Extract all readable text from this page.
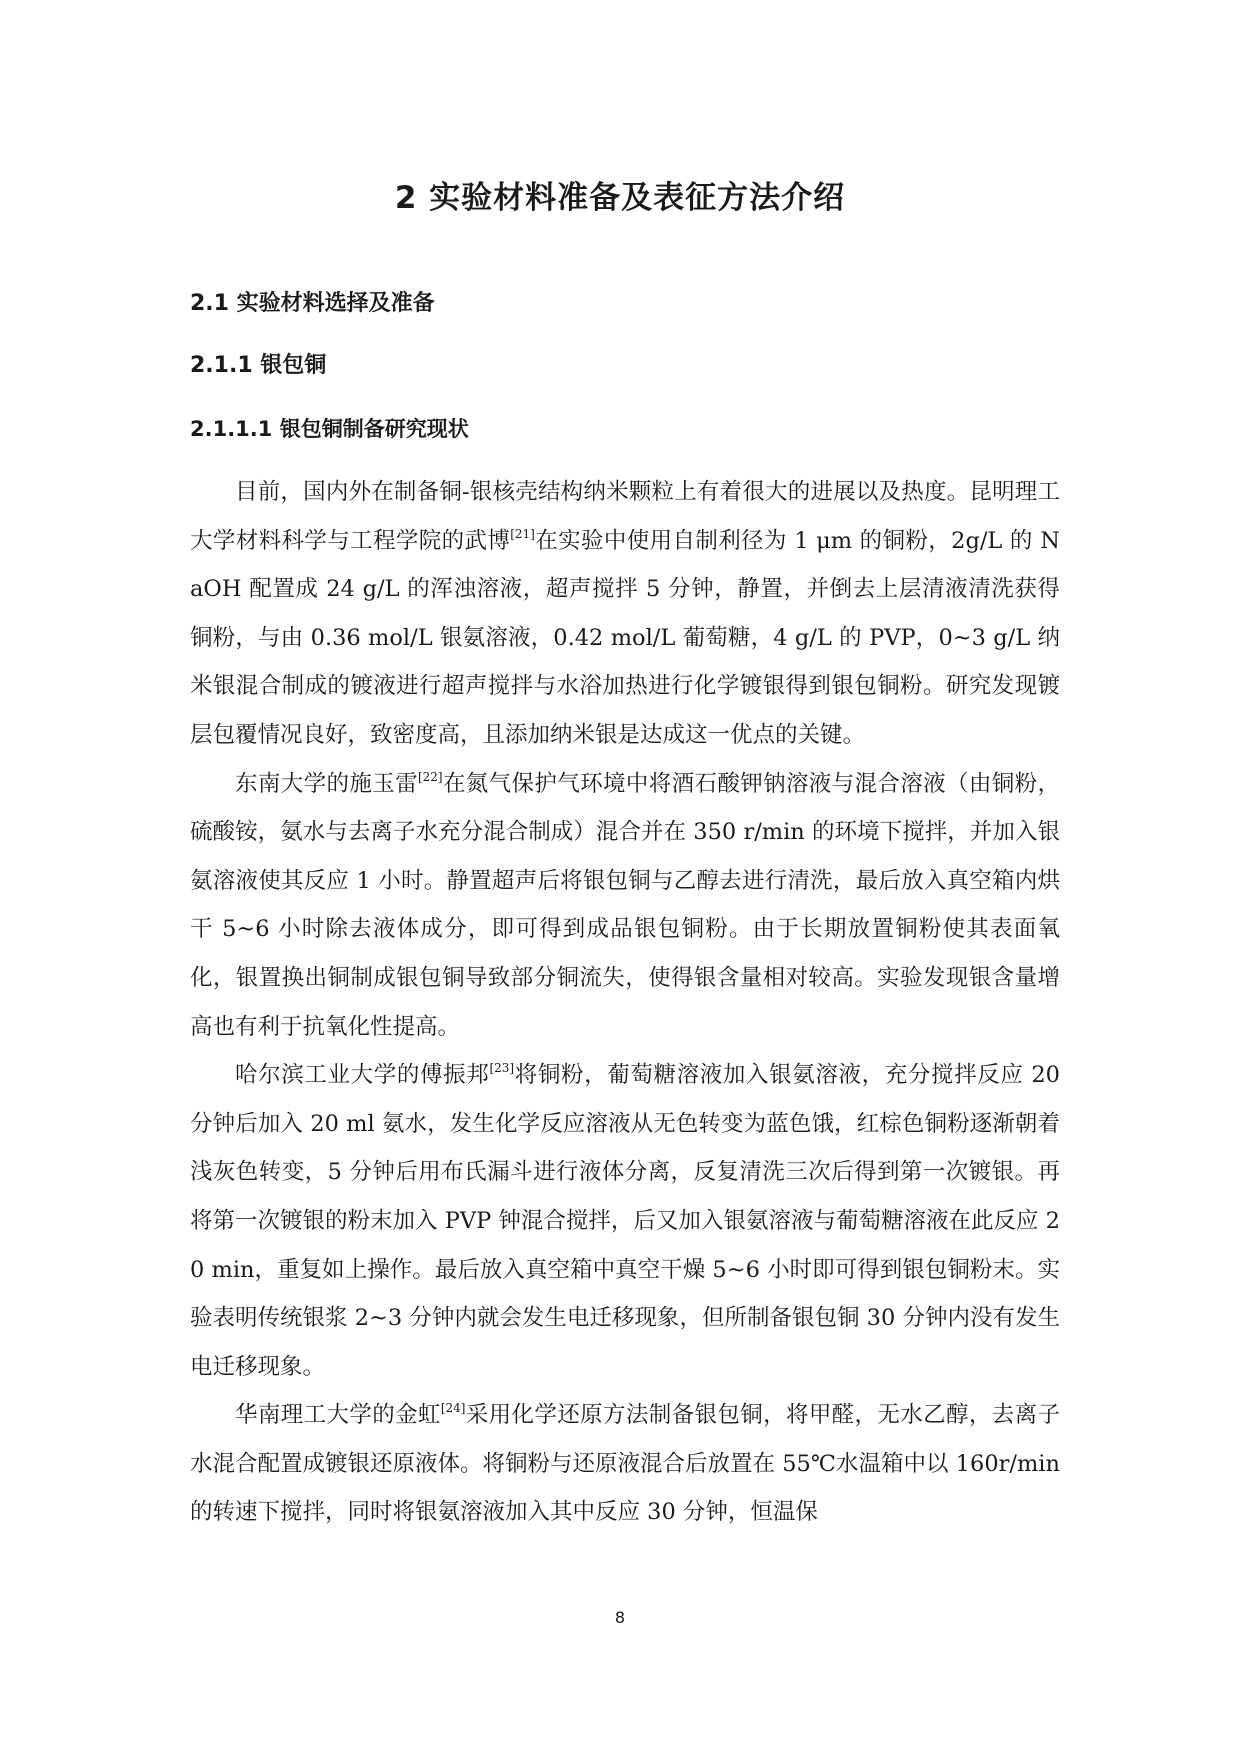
2 实验材料准备及表征方法介绍
2.1 实验材料选择及准备
2.1.1 银包铜
2.1.1.1 银包铜制备研究现状

目前，国内外在制备铜-银核壳结构纳米颗粒上有着很大的进展以及热度。昆明理工大学材料科学与工程学院的武博[21]在实验中使用自制利径为 1 μm 的铜粉，2g/L 的 NaOH 配置成 24 g/L 的浑浊溶液，超声搅拌 5 分钟，静置，并倒去上层清液清洗获得铜粉，与由 0.36 mol/L 银氨溶液，0.42 mol/L 葡萄糖，4 g/L 的 PVP，0~3 g/L 纳米银混合制成的镀液进行超声搅拌与水浴加热进行化学镀银得到银包铜粉。研究发现镀层包覆情况良好，致密度高，且添加纳米银是达成这一优点的关键。

东南大学的施玉雷[22]在氮气保护气环境中将酒石酸钾钠溶液与混合溶液（由铜粉，硫酸铵，氨水与去离子水充分混合制成）混合并在 350 r/min 的环境下搅拌，并加入银氨溶液使其反应 1 小时。静置超声后将银包铜与乙醇去进行清洗，最后放入真空箱内烘干 5~6 小时除去液体成分，即可得到成品银包铜粉。由于长期放置铜粉使其表面氧化，银置换出铜制成银包铜导致部分铜流失，使得银含量相对较高。实验发现银含量增高也有利于抗氧化性提高。

哈尔滨工业大学的傅振邦[23]将铜粉，葡萄糖溶液加入银氨溶液，充分搅拌反应 20 分钟后加入 20 ml 氨水，发生化学反应溶液从无色转变为蓝色饿，红棕色铜粉逐渐朝着浅灰色转变，5 分钟后用布氏漏斗进行液体分离，反复清洗三次后得到第一次镀银。再将第一次镀银的粉末加入 PVP 钟混合搅拌，后又加入银氨溶液与葡萄糖溶液在此反应 20 min，重复如上操作。最后放入真空箱中真空干燥 5~6 小时即可得到银包铜粉末。实验表明传统银浆 2~3 分钟内就会发生电迁移现象，但所制备银包铜 30 分钟内没有发生电迁移现象。

华南理工大学的金虹[24]采用化学还原方法制备银包铜，将甲醛，无水乙醇，去离子水混合配置成镀银还原液体。将铜粉与还原液混合后放置在 55℃水温箱中以 160r/min 的转速下搅拌，同时将银氨溶液加入其中反应 30 分钟，恒温保

8
